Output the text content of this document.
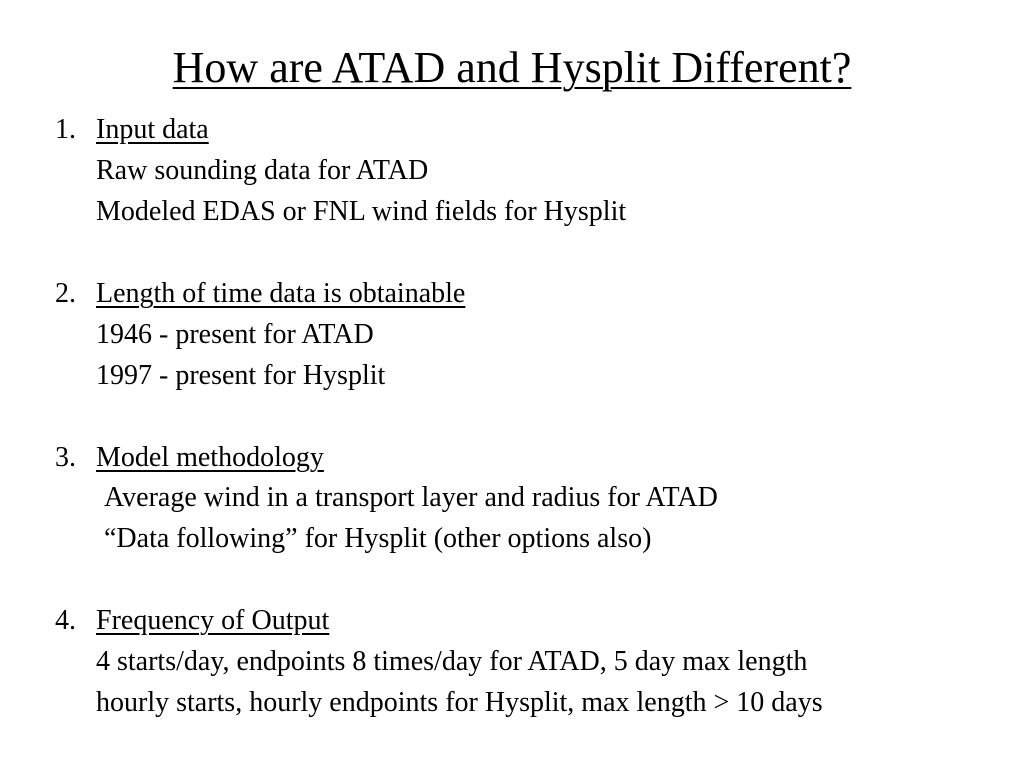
How are ATAD and Hysplit Different?
1. Input data
Raw sounding data for ATAD
Modeled EDAS or FNL wind fields for Hysplit
2. Length of time data is obtainable
1946 - present for ATAD
1997 - present for Hysplit
3. Model methodology
Average wind in a transport layer and radius for ATAD
“Data following” for Hysplit (other options also)
4. Frequency of Output
4 starts/day, endpoints 8 times/day for ATAD, 5 day max length
hourly starts, hourly endpoints for Hysplit, max length > 10 days
